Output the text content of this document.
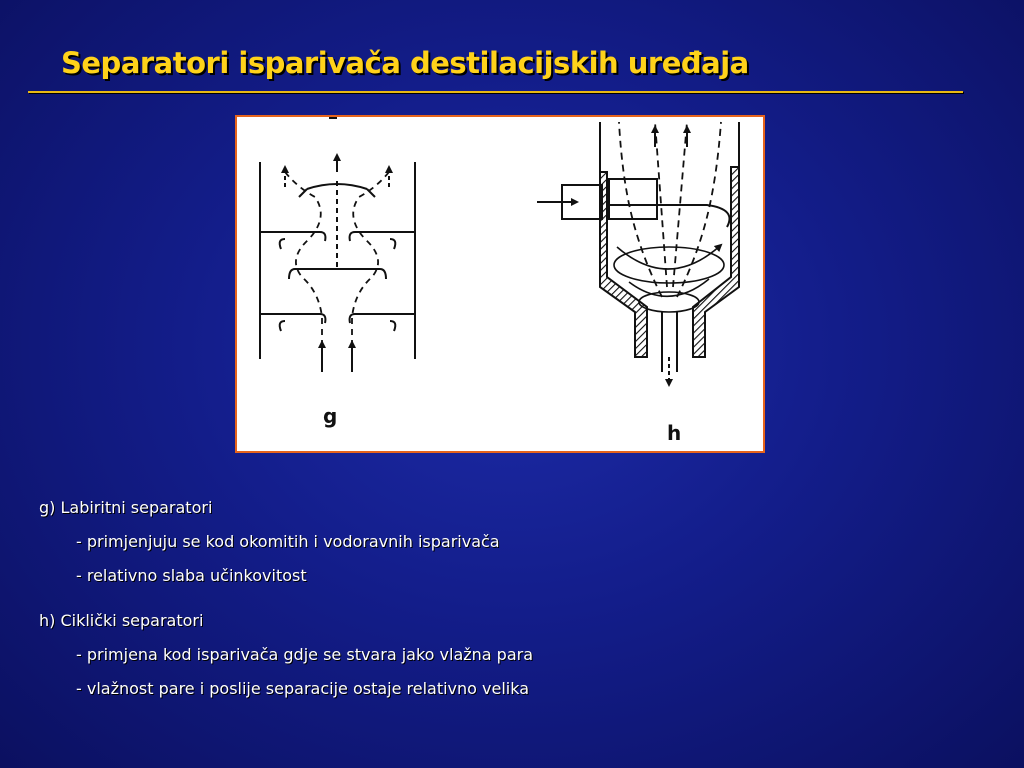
Separatori isparivača destilacijskih uređaja
g
h
g) Labiritni separatori
- primjenjuju se kod okomitih i vodoravnih isparivača
- relativno slaba učinkovitost
h) Ciklički separatori
- primjena kod isparivača gdje se stvara jako vlažna para
- vlažnost pare i poslije separacije ostaje relativno velika
